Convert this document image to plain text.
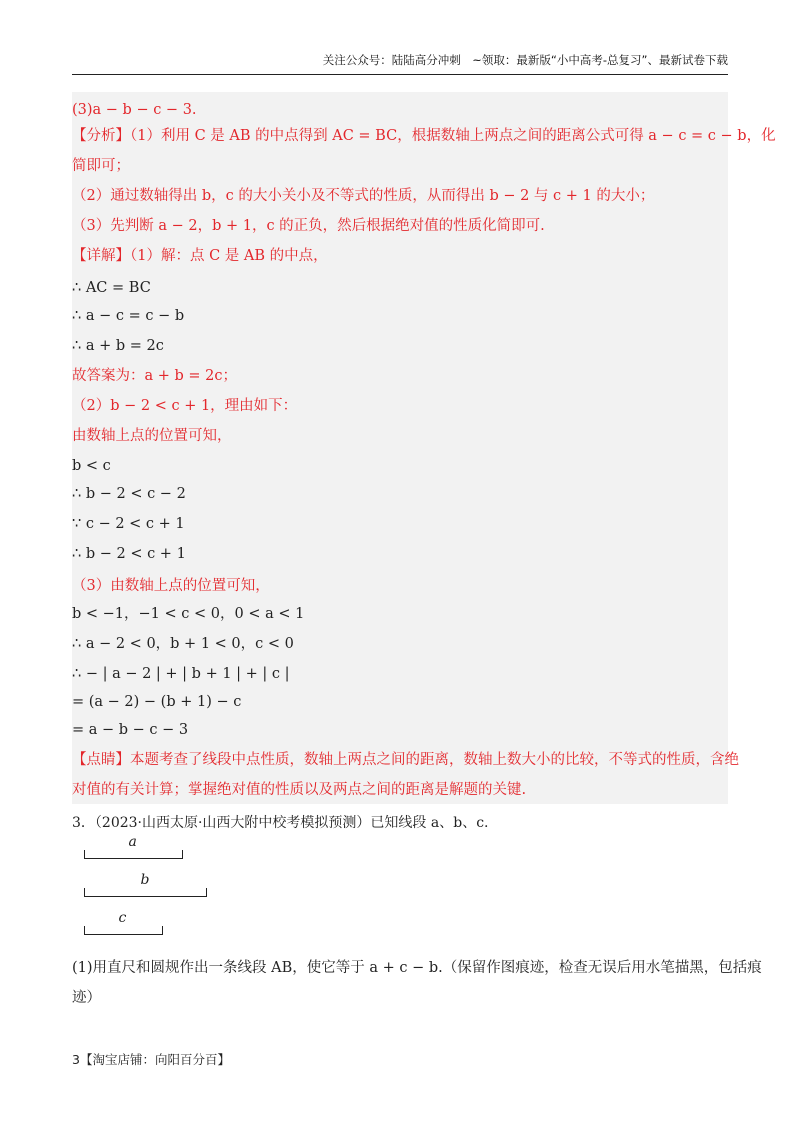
关注公众号：陆陆高分冲刺　~领取：最新版“小中高考-总复习”、最新试卷下载
(3)a − b − c − 3.
【分析】（1）利用 C 是 AB 的中点得到 AC = BC，根据数轴上两点之间的距离公式可得 a − c = c − b，化
简即可；
（2）通过数轴得出 b，c 的大小关小及不等式的性质，从而得出 b − 2 与 c + 1 的大小；
（3）先判断 a − 2，b + 1，c 的正负，然后根据绝对值的性质化简即可.
【详解】（1）解：点 C 是 AB 的中点，
∴ AC = BC
∴ a − c = c − b
∴ a + b = 2c
故答案为：a + b = 2c；
（2）b − 2 < c + 1，理由如下：
由数轴上点的位置可知，
b < c
∴ b − 2 < c − 2
∵ c − 2 < c + 1
∴ b − 2 < c + 1
（3）由数轴上点的位置可知，
b < −1，−1 < c < 0，0 < a < 1
∴ a − 2 < 0，b + 1 < 0，c < 0
∴ − | a − 2 | + | b + 1 | + | c |
= (a − 2) − (b + 1) − c
= a − b − c − 3
【点睛】本题考查了线段中点性质，数轴上两点之间的距离，数轴上数大小的比较，不等式的性质，含绝
对值的有关计算；掌握绝对值的性质以及两点之间的距离是解题的关键.
3．（2023·山西太原·山西大附中校考模拟预测）已知线段 a、b、c.
a
b
c
(1)用直尺和圆规作出一条线段 AB，使它等于 a + c − b.（保留作图痕迹，检查无误后用水笔描黑，包括痕
迹）
3【淘宝店铺：向阳百分百】
